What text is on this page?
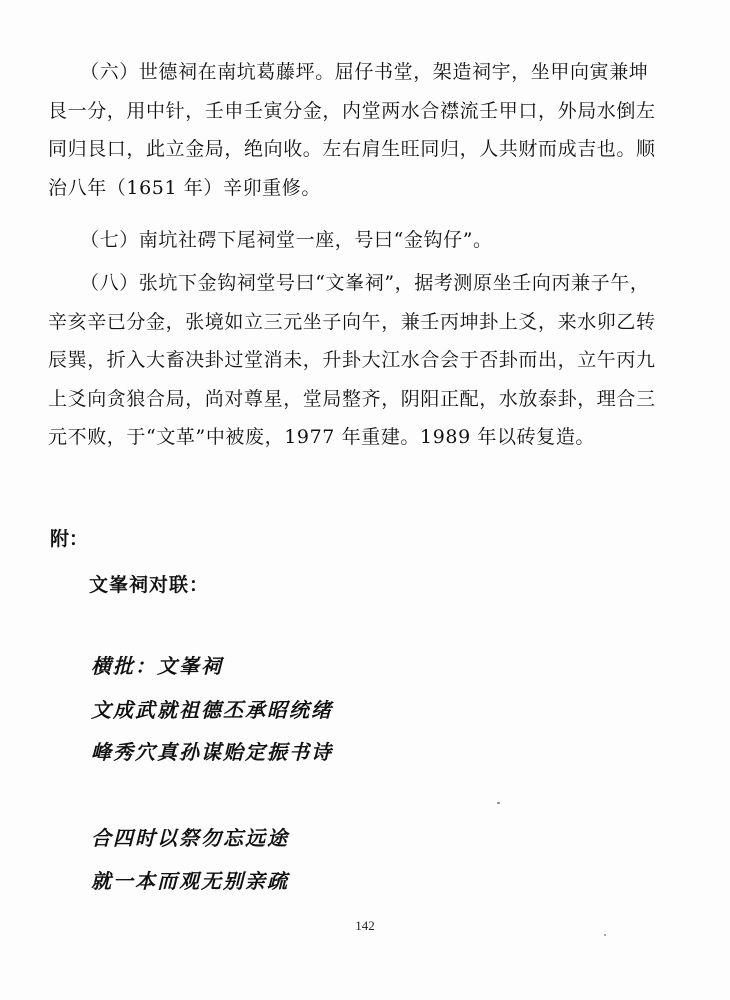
（六）世德祠在南坑葛藤坪。屈仔书堂，架造祠宇，坐甲向寅兼坤
艮一分，用中针，壬申壬寅分金，内堂两水合襟流壬甲口，外局水倒左
同归艮口，此立金局，绝向收。左右肩生旺同归，人共财而成吉也。顺
治八年（1651 年）辛卯重修。
（七）南坑社𥔲下尾祠堂一座，号曰“金钩仔”。
（八）张坑下金钩祠堂号曰“文峯祠”，据考测原坐壬向丙兼子午，
辛亥辛已分金，张境如立三元坐子向午，兼壬丙坤卦上爻，来水卯乙转
辰巽，折入大畜决卦过堂消未，升卦大江水合会于否卦而出，立午丙九
上爻向贪狼合局，尚对尊星，堂局整齐，阴阳正配，水放泰卦，理合三
元不败，于“文革”中被废，1977 年重建。1989 年以砖复造。
附：
文峯祠对联：
横批：文峯祠
文成武就祖德丕承昭统绪
峰秀穴真孙谋贻定振书诗
合四时以祭勿忘远途
就一本而观无别亲疏
142
